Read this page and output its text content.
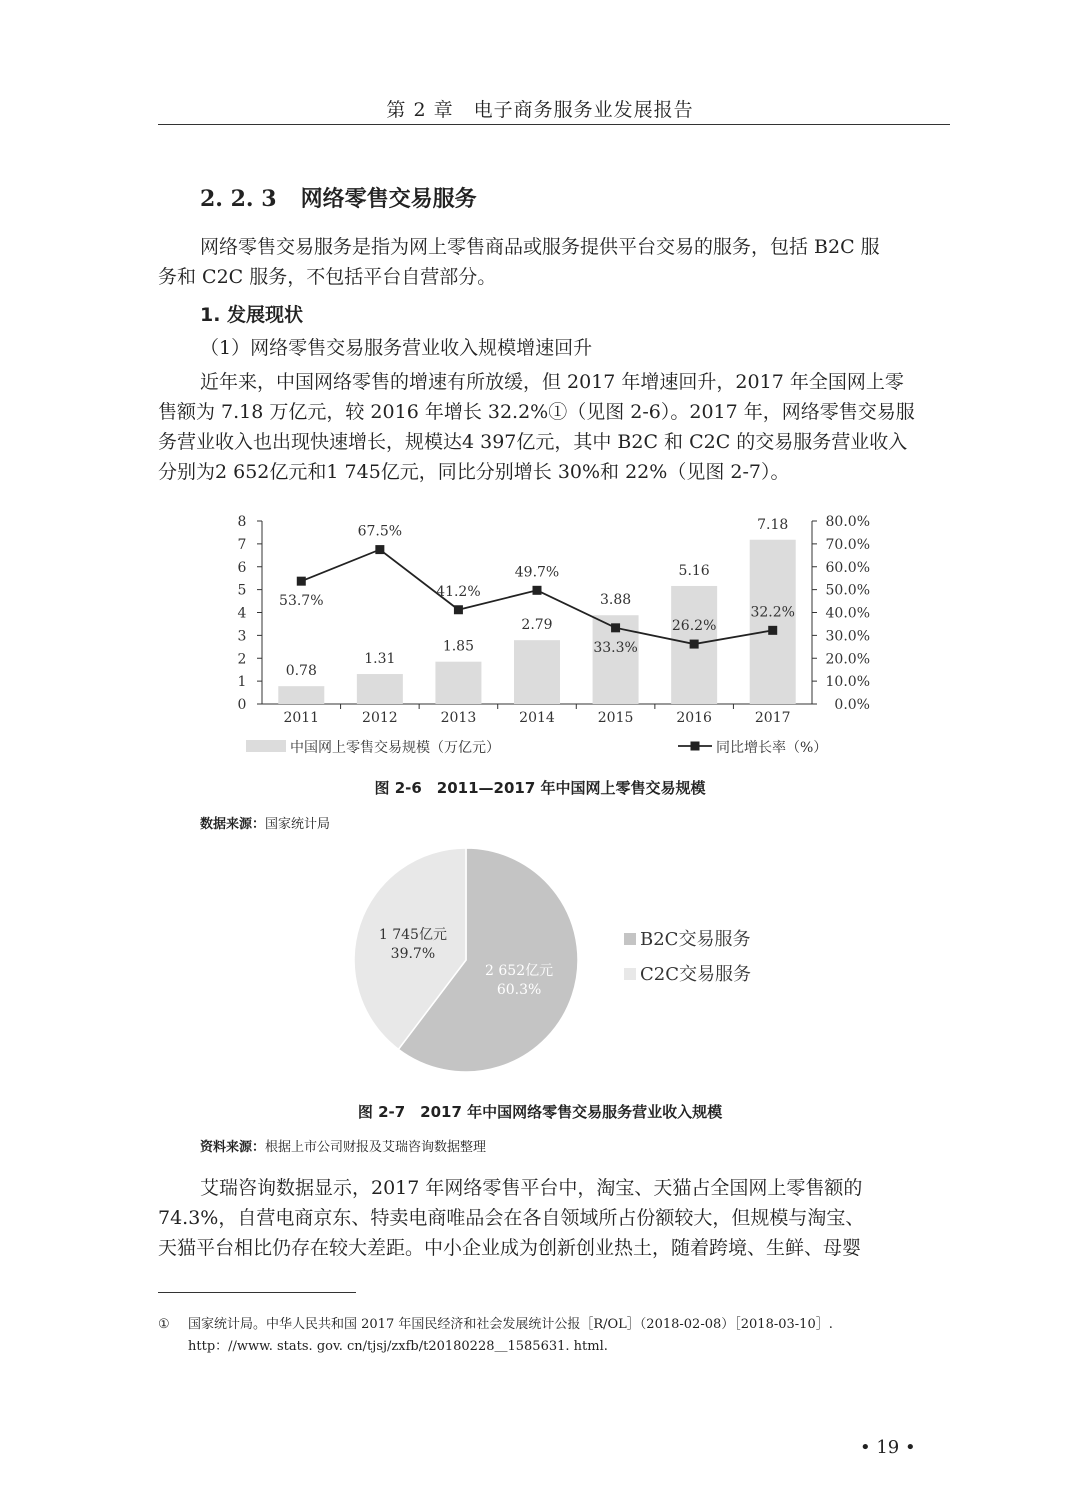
第 2 章　电子商务服务业发展报告
2. 2. 3 网络零售交易服务
网络零售交易服务是指为网上零售商品或服务提供平台交易的服务，包括 B2C 服
务和 C2C 服务，不包括平台自营部分。
1. 发展现状
（1）网络零售交易服务营业收入规模增速回升
近年来，中国网络零售的增速有所放缓，但 2017 年增速回升，2017 年全国网上零
售额为 7.18 万亿元，较 2016 年增长 32.2%①（见图 2-6）。2017 年，网络零售交易服
务营业收入也出现快速增长，规模达4 397亿元，其中 B2C 和 C2C 的交易服务营业收入
分别为2 652亿元和1 745亿元，同比分别增长 30%和 22%（见图 2-7）。
0
1
2
3
4
5
6
7
8
0.0%
10.0%
20.0%
30.0%
40.0%
50.0%
60.0%
70.0%
80.0%
2011	2012	2013	2014	2015	2016	2017
0.78
1.31
1.85
2.79
3.88
5.16
7.18
53.7%
67.5%
41.2%
49.7%
33.3%
26.2%
32.2%
中国网上零售交易规模（万亿元）	同比增长率（%）
图 2-6　2011—2017 年中国网上零售交易规模
数据来源：国家统计局
2 652亿元
60.3%
1 745亿元
39.7%
B2C交易服务
C2C交易服务
图 2-7　2017 年中国网络零售交易服务营业收入规模
资料来源：根据上市公司财报及艾瑞咨询数据整理
艾瑞咨询数据显示，2017 年网络零售平台中，淘宝、天猫占全国网上零售额的
74.3%，自营电商京东、特卖电商唯品会在各自领域所占份额较大，但规模与淘宝、
天猫平台相比仍存在较大差距。中小企业成为创新创业热土，随着跨境、生鲜、母婴
① 国家统计局。中华人民共和国 2017 年国民经济和社会发展统计公报［R/OL］（2018-02-08）［2018-03-10］.
http：//www. stats. gov. cn/tjsj/zxfb/t20180228＿1585631. html.
• 19 •
